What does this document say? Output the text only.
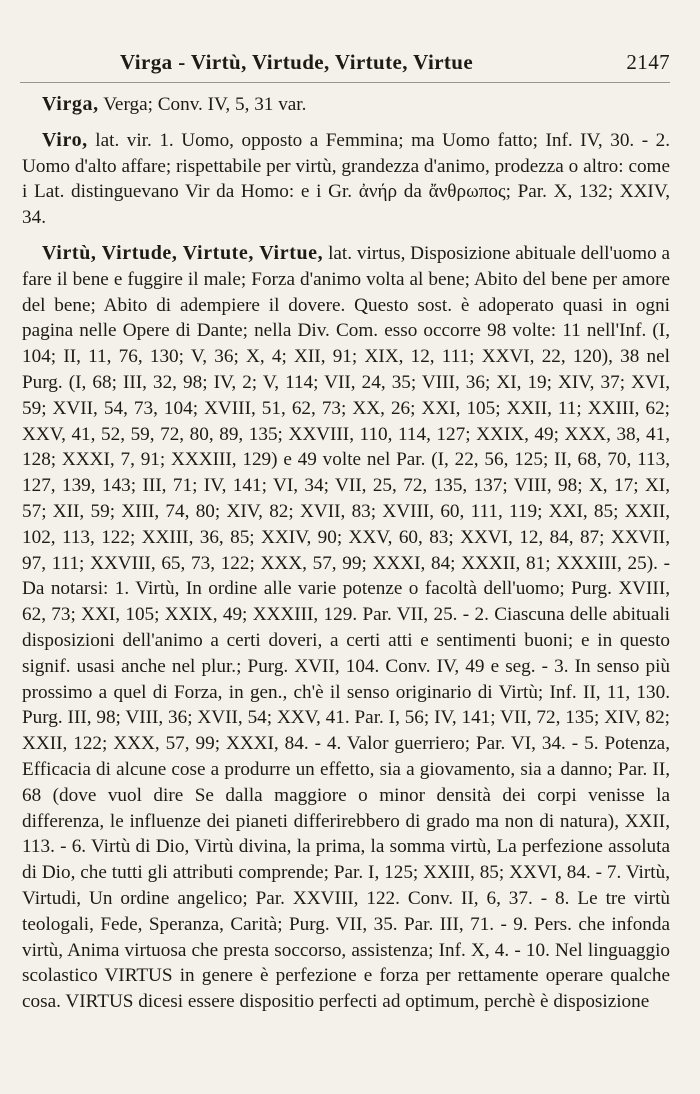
Virga - Virtù, Virtude, Virtute, Virtue	2147

Virga, Verga; Conv. IV, 5, 31 var.

Viro, lat. vir. 1. Uomo, opposto a Femmina; ma Uomo fatto; Inf. IV, 30. - 2. Uomo d'alto affare; rispettabile per virtù, grandezza d'animo, prodezza o altro: come i Lat. distinguevano Vir da Homo: e i Gr. ἀνήρ da ἄνθρωπος; Par. X, 132; XXIV, 34.

Virtù, Virtude, Virtute, Virtue, lat. virtus, Disposizione abituale dell'uomo a fare il bene e fuggire il male; Forza d'animo volta al bene; Abito del bene per amore del bene; Abito di adempiere il dovere. Questo sost. è adoperato quasi in ogni pagina nelle Opere di Dante; nella Div. Com. esso occorre 98 volte: 11 nell'Inf. (I, 104; II, 11, 76, 130; V, 36; X, 4; XII, 91; XIX, 12, 111; XXVI, 22, 120), 38 nel Purg. (I, 68; III, 32, 98; IV, 2; V, 114; VII, 24, 35; VIII, 36; XI, 19; XIV, 37; XVI, 59; XVII, 54, 73, 104; XVIII, 51, 62, 73; XX, 26; XXI, 105; XXII, 11; XXIII, 62; XXV, 41, 52, 59, 72, 80, 89, 135; XXVIII, 110, 114, 127; XXIX, 49; XXX, 38, 41, 128; XXXI, 7, 91; XXXIII, 129) e 49 volte nel Par. (I, 22, 56, 125; II, 68, 70, 113, 127, 139, 143; III, 71; IV, 141; VI, 34; VII, 25, 72, 135, 137; VIII, 98; X, 17; XI, 57; XII, 59; XIII, 74, 80; XIV, 82; XVII, 83; XVIII, 60, 111, 119; XXI, 85; XXII, 102, 113, 122; XXIII, 36, 85; XXIV, 90; XXV, 60, 83; XXVI, 12, 84, 87; XXVII, 97, 111; XXVIII, 65, 73, 122; XXX, 57, 99; XXXI, 84; XXXII, 81; XXXIII, 25). - Da notarsi: 1. Virtù, In ordine alle varie potenze o facoltà dell'uomo; Purg. XVIII, 62, 73; XXI, 105; XXIX, 49; XXXIII, 129. Par. VII, 25. - 2. Ciascuna delle abituali disposizioni dell'animo a certi doveri, a certi atti e sentimenti buoni; e in questo signif. usasi anche nel plur.; Purg. XVII, 104. Conv. IV, 49 e seg. - 3. In senso più prossimo a quel di Forza, in gen., ch'è il senso originario di Virtù; Inf. II, 11, 130. Purg. III, 98; VIII, 36; XVII, 54; XXV, 41. Par. I, 56; IV, 141; VII, 72, 135; XIV, 82; XXII, 122; XXX, 57, 99; XXXI, 84. - 4. Valor guerriero; Par. VI, 34. - 5. Potenza, Efficacia di alcune cose a produrre un effetto, sia a giovamento, sia a danno; Par. II, 68 (dove vuol dire Se dalla maggiore o minor densità dei corpi venisse la differenza, le influenze dei pianeti differirebbero di grado ma non di natura), XXII, 113. - 6. Virtù di Dio, Virtù divina, la prima, la somma virtù, La perfezione assoluta di Dio, che tutti gli attributi comprende; Par. I, 125; XXIII, 85; XXVI, 84. - 7. Virtù, Virtudi, Un ordine angelico; Par. XXVIII, 122. Conv. II, 6, 37. - 8. Le tre virtù teologali, Fede, Speranza, Carità; Purg. VII, 35. Par. III, 71. - 9. Pers. che infonda virtù, Anima virtuosa che presta soccorso, assistenza; Inf. X, 4. - 10. Nel linguaggio scolastico VIRTUS in genere è perfezione e forza per rettamente operare qualche cosa. VIRTUS dicesi essere dispositio perfecti ad optimum, perchè è disposizione
